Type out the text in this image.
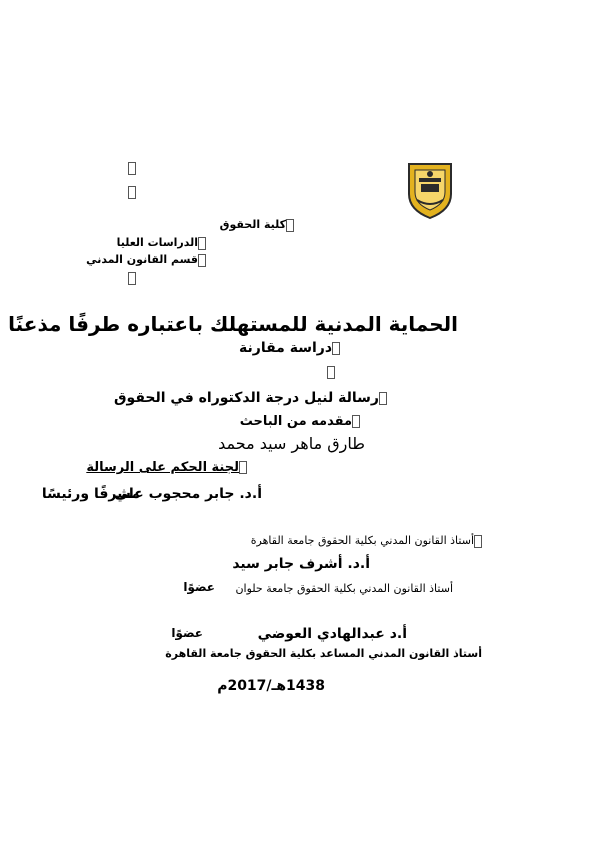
كلية الحقوق
الدراسات العليا
قسم القانون المدني
الحماية المدنية للمستهلك باعتباره طرفًا مذعنًا
دراسة مقارنة
رسالة لنيل درجة الدكتوراه في الحقوق
مقدمه من الباحث
طارق ماهر سيد محمد
لجنة الحكم على الرسالة
أ.د. جابر محجوب علي
مشرفًا ورئيسًا
أستاذ القانون المدني بكلية الحقوق جامعة القاهرة
أ.د. أشرف جابر سيد
عضوًا أستاذ القانون المدني بكلية الحقوق جامعة حلوان
أ.د عبدالهادي العوضي
عضوًا
أستاذ القانون المدني المساعد بكلية الحقوق جامعة القاهرة
1438هـ/2017م
